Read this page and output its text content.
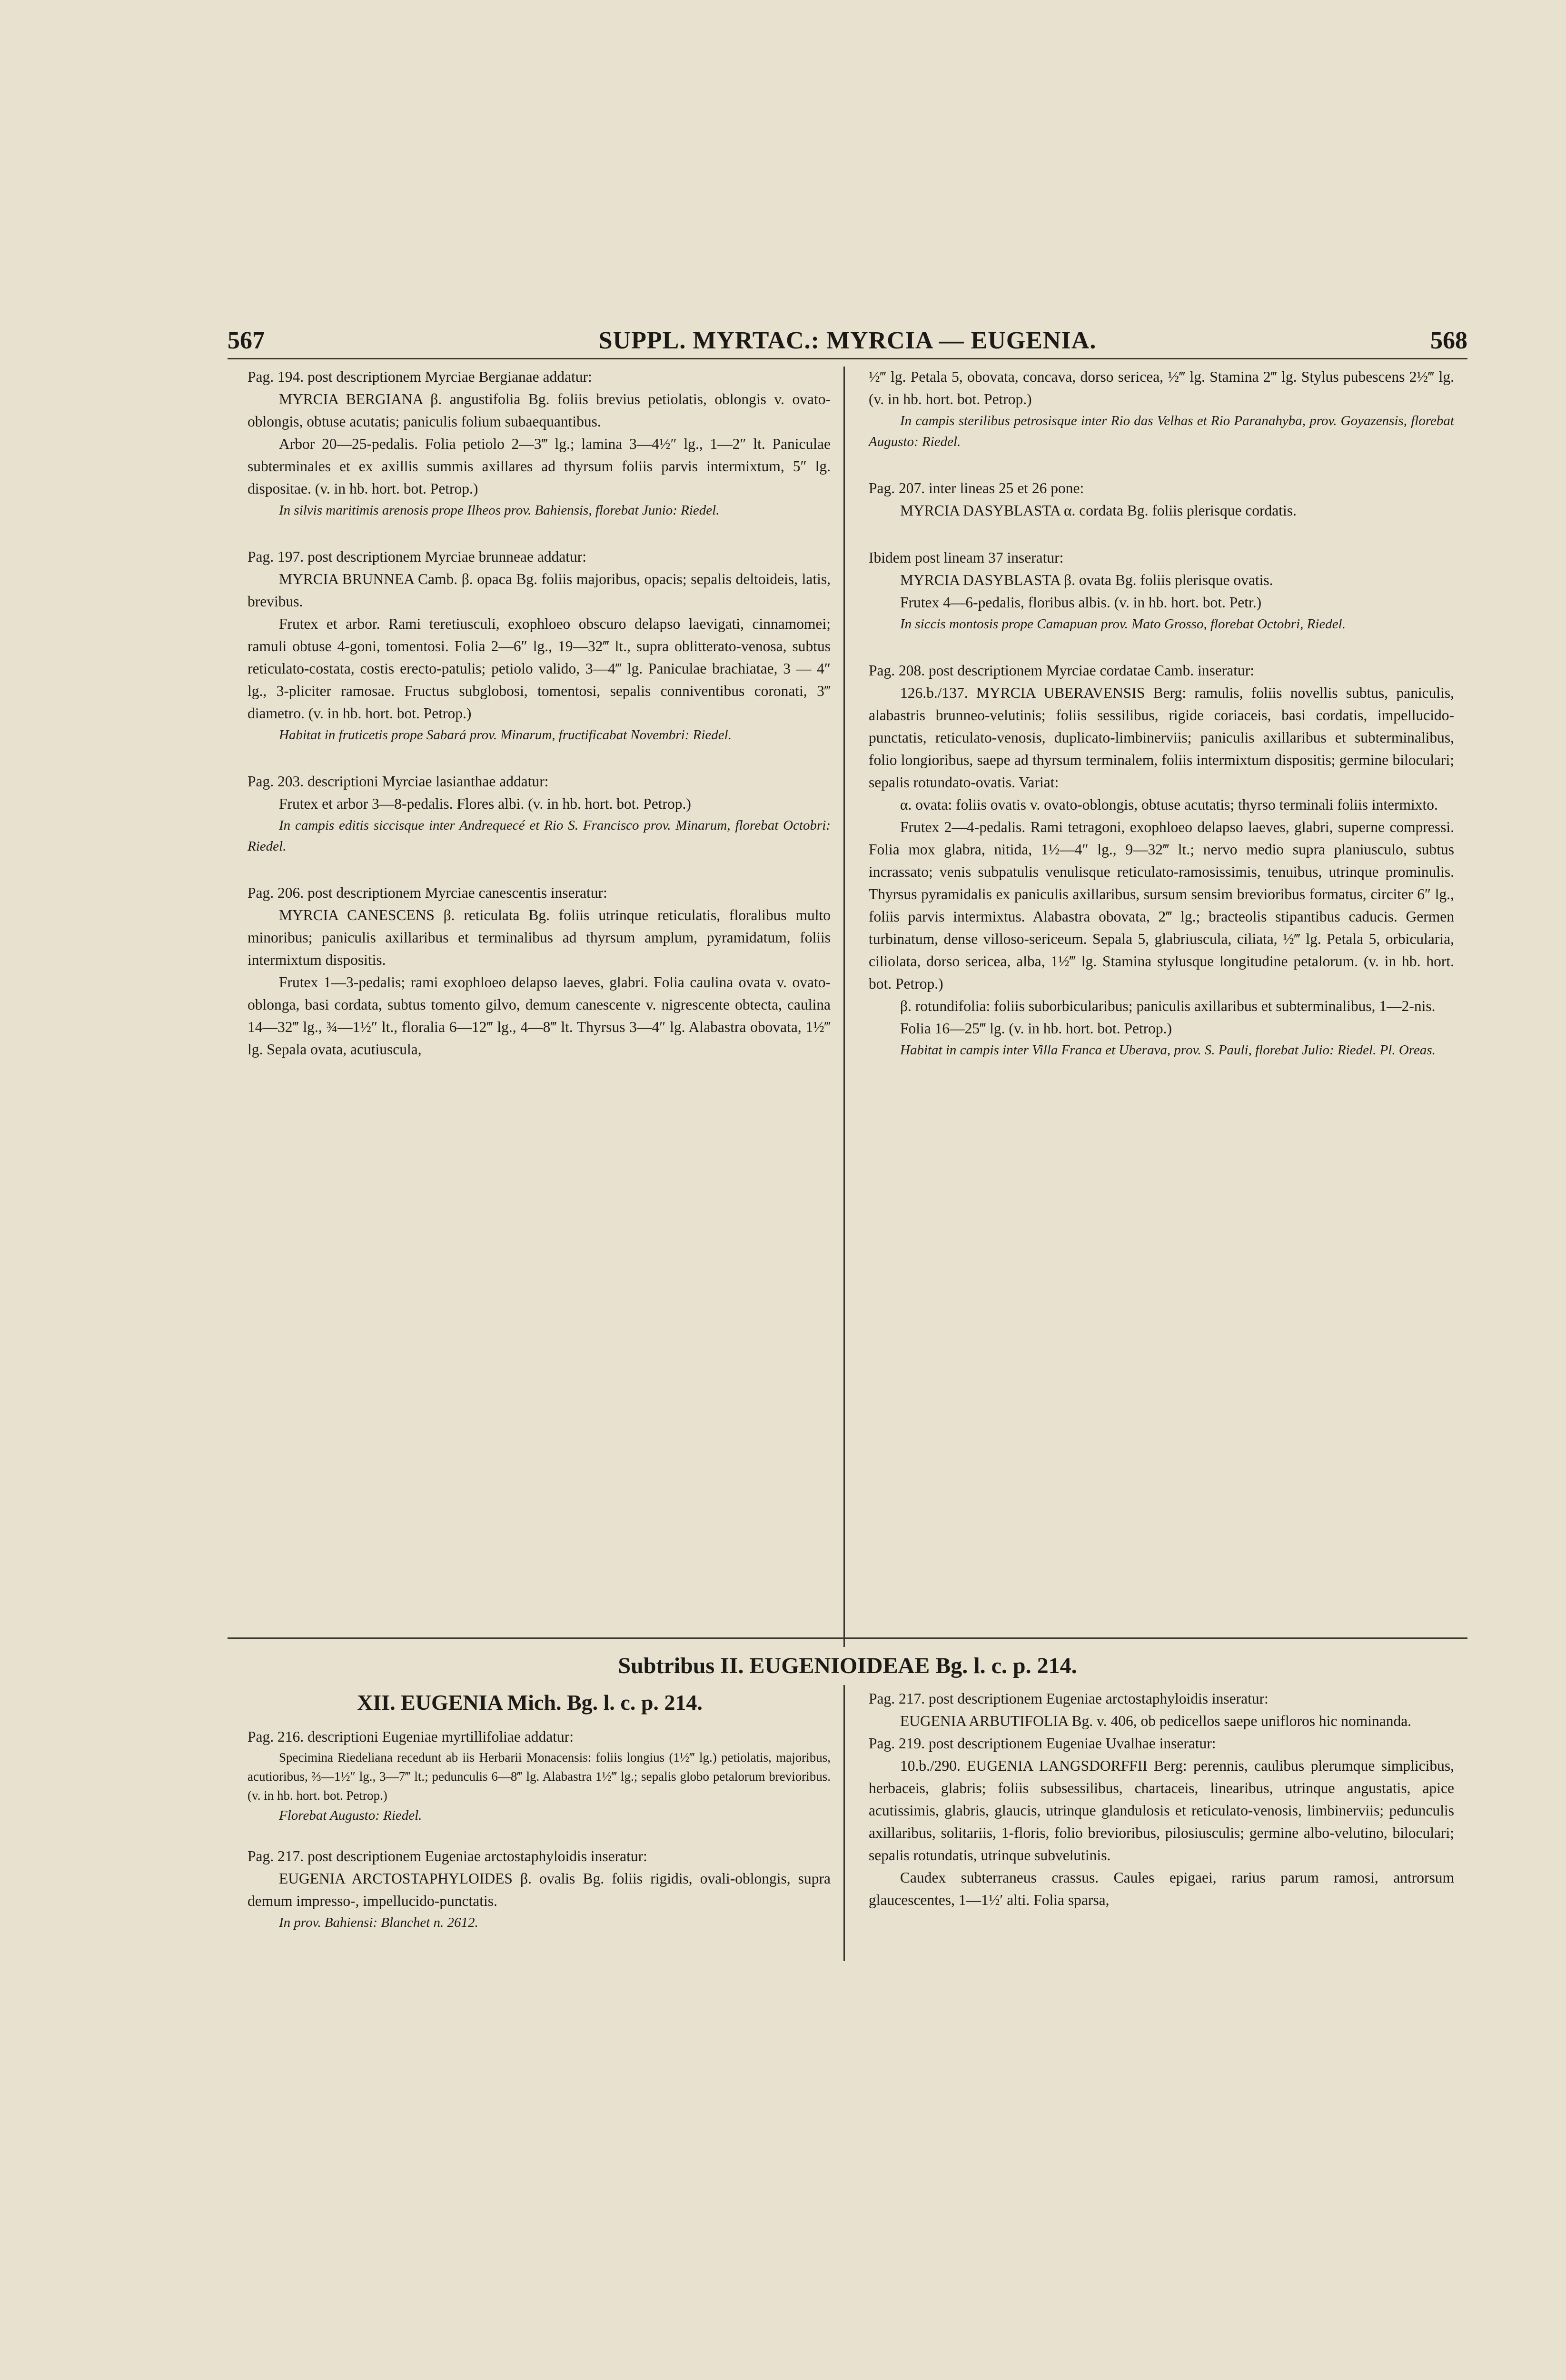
567	SUPPL. MYRTAC.: MYRCIA — EUGENIA.	568

Pag. 194. post descriptionem Myrciae Bergianae addatur:

MYRCIA BERGIANA β. angustifolia Bg. foliis brevius petiolatis, oblongis v. ovato-oblongis, obtuse acutatis; paniculis folium subaequantibus.

Arbor 20—25-pedalis. Folia petiolo 2—3‴ lg.; lamina 3—4½″ lg., 1—2″ lt. Paniculae subterminales et ex axillis summis axillares ad thyrsum foliis parvis intermixtum, 5″ lg. dispositae. (v. in hb. hort. bot. Petrop.)

In silvis maritimis arenosis prope Ilheos prov. Bahiensis, florebat Junio: Riedel.

Pag. 197. post descriptionem Myrciae brunneae addatur:

MYRCIA BRUNNEA Camb. β. opaca Bg. foliis majoribus, opacis; sepalis deltoideis, latis, brevibus.

Frutex et arbor. Rami teretiusculi, exophloeo obscuro delapso laevigati, cinnamomei; ramuli obtuse 4-goni, tomentosi. Folia 2—6″ lg., 19—32‴ lt., supra oblitterato-venosa, subtus reticulato-costata, costis erecto-patulis; petiolo valido, 3—4‴ lg. Paniculae brachiatae, 3 — 4″ lg., 3-pliciter ramosae. Fructus subglobosi, tomentosi, sepalis conniventibus coronati, 3‴ diametro. (v. in hb. hort. bot. Petrop.)

Habitat in fruticetis prope Sabará prov. Minarum, fructificabat Novembri: Riedel.

Pag. 203. descriptioni Myrciae lasianthae addatur:

Frutex et arbor 3—8-pedalis. Flores albi. (v. in hb. hort. bot. Petrop.)

In campis editis siccisque inter Andrequecé et Rio S. Francisco prov. Minarum, florebat Octobri: Riedel.

Pag. 206. post descriptionem Myrciae canescentis inseratur:

MYRCIA CANESCENS β. reticulata Bg. foliis utrinque reticulatis, floralibus multo minoribus; paniculis axillaribus et terminalibus ad thyrsum amplum, pyramidatum, foliis intermixtum dispositis.

Frutex 1—3-pedalis; rami exophloeo delapso laeves, glabri. Folia caulina ovata v. ovato-oblonga, basi cordata, subtus tomento gilvo, demum canescente v. nigrescente obtecta, caulina 14—32‴ lg., ¾—1½″ lt., floralia 6—12‴ lg., 4—8‴ lt. Thyrsus 3—4″ lg. Alabastra obovata, 1½‴ lg. Sepala ovata, acutiuscula,

½‴ lg. Petala 5, obovata, concava, dorso sericea, ½‴ lg. Stamina 2‴ lg. Stylus pubescens 2½‴ lg. (v. in hb. hort. bot. Petrop.)

In campis sterilibus petrosisque inter Rio das Velhas et Rio Paranahyba, prov. Goyazensis, florebat Augusto: Riedel.

Pag. 207. inter lineas 25 et 26 pone:

MYRCIA DASYBLASTA α. cordata Bg. foliis plerisque cordatis.

Ibidem post lineam 37 inseratur:

MYRCIA DASYBLASTA β. ovata Bg. foliis plerisque ovatis.

Frutex 4—6-pedalis, floribus albis. (v. in hb. hort. bot. Petr.)

In siccis montosis prope Camapuan prov. Mato Grosso, florebat Octobri, Riedel.

Pag. 208. post descriptionem Myrciae cordatae Camb. inseratur:

126.b./137. MYRCIA UBERAVENSIS Berg: ramulis, foliis novellis subtus, paniculis, alabastris brunneo-velutinis; foliis sessilibus, rigide coriaceis, basi cordatis, impellucido-punctatis, reticulato-venosis, duplicato-limbinerviis; paniculis axillaribus et subterminalibus, folio longioribus, saepe ad thyrsum terminalem, foliis intermixtum dispositis; germine biloculari; sepalis rotundato-ovatis. Variat:

α. ovata: foliis ovatis v. ovato-oblongis, obtuse acutatis; thyrso terminali foliis intermixto.

Frutex 2—4-pedalis. Rami tetragoni, exophloeo delapso laeves, glabri, superne compressi. Folia mox glabra, nitida, 1½—4″ lg., 9—32‴ lt.; nervo medio supra planiusculo, subtus incrassato; venis subpatulis venulisque reticulato-ramosissimis, tenuibus, utrinque prominulis. Thyrsus pyramidalis ex paniculis axillaribus, sursum sensim brevioribus formatus, circiter 6″ lg., foliis parvis intermixtus. Alabastra obovata, 2‴ lg.; bracteolis stipantibus caducis. Germen turbinatum, dense villoso-sericeum. Sepala 5, glabriuscula, ciliata, ½‴ lg. Petala 5, orbicularia, ciliolata, dorso sericea, alba, 1½‴ lg. Stamina stylusque longitudine petalorum. (v. in hb. hort. bot. Petrop.)

β. rotundifolia: foliis suborbicularibus; paniculis axillaribus et subterminalibus, 1—2-nis.

Folia 16—25‴ lg. (v. in hb. hort. bot. Petrop.)

Habitat in campis inter Villa Franca et Uberava, prov. S. Pauli, florebat Julio: Riedel. Pl. Oreas.

Subtribus II. EUGENIOIDEAE Bg. l. c. p. 214.
XII. EUGENIA Mich. Bg. l. c. p. 214.

Pag. 216. descriptioni Eugeniae myrtillifoliae addatur:

Specimina Riedeliana recedunt ab iis Herbarii Monacensis: foliis longius (1½‴ lg.) petiolatis, majoribus, acutioribus, ⅔—1½″ lg., 3—7‴ lt.; pedunculis 6—8‴ lg. Alabastra 1½‴ lg.; sepalis globo petalorum brevioribus. (v. in hb. hort. bot. Petrop.)

Florebat Augusto: Riedel.

Pag. 217. post descriptionem Eugeniae arctostaphyloidis inseratur:

EUGENIA ARCTOSTAPHYLOIDES β. ovalis Bg. foliis rigidis, ovali-oblongis, supra demum impresso-, impellucido-punctatis.

In prov. Bahiensi: Blanchet n. 2612.

Pag. 217. post descriptionem Eugeniae arctostaphyloidis inseratur:

EUGENIA ARBUTIFOLIA Bg. v. 406, ob pedicellos saepe unifloros hic nominanda.

Pag. 219. post descriptionem Eugeniae Uvalhae inseratur:

10.b./290. EUGENIA LANGSDORFFII Berg: perennis, caulibus plerumque simplicibus, herbaceis, glabris; foliis subsessilibus, chartaceis, linearibus, utrinque angustatis, apice acutissimis, glabris, glaucis, utrinque glandulosis et reticulato-venosis, limbinerviis; pedunculis axillaribus, solitariis, 1-floris, folio brevioribus, pilosiusculis; germine albo-velutino, biloculari; sepalis rotundatis, utrinque subvelutinis.

Caudex subterraneus crassus. Caules epigaei, rarius parum ramosi, antrorsum glaucescentes, 1—1½′ alti. Folia sparsa,
